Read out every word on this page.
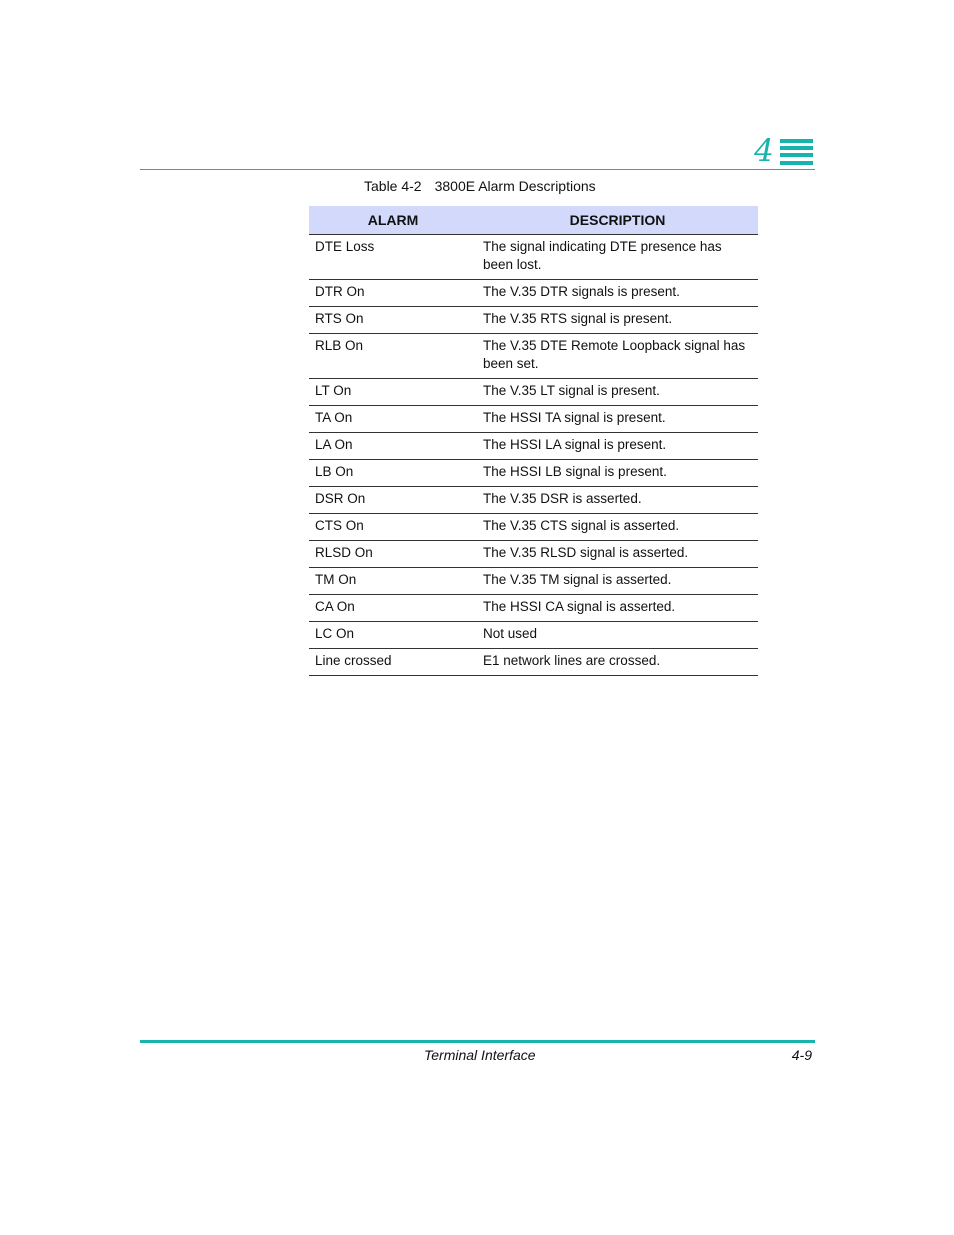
4
Table 4-2 3800E Alarm Descriptions
ALARM	DESCRIPTION
DTE Loss	The signal indicating DTE presence has been lost.
DTR On	The V.35 DTR signals is present.
RTS On	The V.35 RTS signal is present.
RLB On	The V.35 DTE Remote Loopback signal has been set.
LT On	The V.35 LT signal is present.
TA On	The HSSI TA signal is present.
LA On	The HSSI LA signal is present.
LB On	The HSSI LB signal is present.
DSR On	The V.35 DSR is asserted.
CTS On	The V.35 CTS signal is asserted.
RLSD On	The V.35 RLSD signal is asserted.
TM On	The V.35 TM signal is asserted.
CA On	The HSSI CA signal is asserted.
LC On	Not used
Line crossed	E1 network lines are crossed.
Terminal Interface	4-9
